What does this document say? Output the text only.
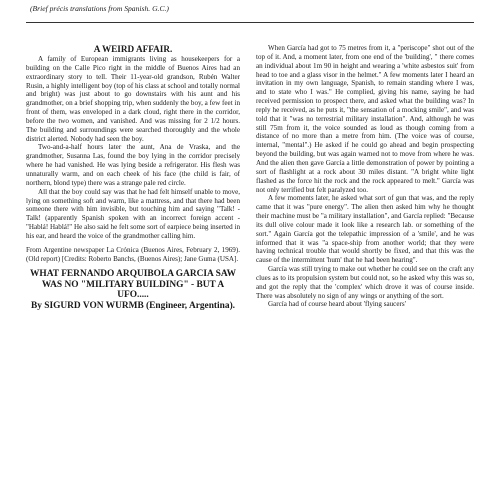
(Brief précis translations from Spanish. G.C.)
A WEIRD AFFAIR.

A family of European immigrants living as housekeepers for a building on the Calle Pico right in the middle of Buenos Aires had an extraordinary story to tell. Their 11-year-old grandson, Rubén Walter Rusin, a highly intelligent boy (top of his class at school and totally normal and bright) was just about to go downstairs with his aunt and his grandmother, on a brief shopping trip, when suddenly the boy, a few feet in front of them, was enveloped in a dark cloud, right there in the corridor, before the two women, and vanished. And was missing for 2 1/2 hours. The building and surroundings were searched thoroughly and the whole district alerted. Nobody had seen the boy.

Two-and-a-half hours later the aunt, Ana de Vraska, and the grandmother, Susanna Las, found the boy lying in the corridor precisely where he had vanished. He was lying beside a refrigerator. His flesh was unnaturally warm, and on each cheek of his face (the child is fair, of northern, blond type) there was a strange pale red circle.

All that the boy could say was that he had felt himself unable to move, lying on something soft and warm, like a mattress, and that there had been someone there with him invisible, but touching him and saying "Talk! - Talk! (apparently Spanish spoken with an incorrect foreign accent - "Hablá! Hablá!" He also said he felt some sort of earpiece being inserted in his ear, and heard the voice of the grandmother calling him.

From Argentine newspaper La Crónica (Buenos Aires, February 2, 1969). (Old report) [Credits: Roberto Banchs, (Buenos Aires); Jane Guma (USA].

WHAT FERNANDO ARQUIBOLA GARCIA SAW WAS NO "MILITARY BUILDING" - BUT A UFO.....
By SIGURD VON WURMB (Engineer, Argentina).

When García had got to 75 metres from it, a "periscope" shot out of the top of it. And, a moment later, from one end of the 'building', " there comes an individual about 1m 90 in height and wearing a 'white asbestos suit' from head to toe and a glass visor in the helmet." A few moments later I heard an invitation in my own language, Spanish, to remain standing where I was, and to state who I was." He complied, giving his name, saying he had received permission to prospect there, and asked what the building was? In reply he received, as he puts it, "the sensation of a mocking smile", and was told that it "was no terrestrial military installation". And, although he was still 75m from it, the voice sounded as loud as though coming from a distance of no more than a metre from him. (The voice was of course, internal, "mental".) He asked if he could go ahead and begin prospecting beyond the building, but was again warned not to move from where he was. And the alien then gave García a little demonstration of power by pointing a sort of flashlight at a rock about 30 miles distant. "A bright white light flashed as the force hit the rock and the rock appeared to melt." García was not only terrified but felt paralyzed too.

A few moments later, he asked what sort of gun that was, and the reply came that it was "pure energy". The alien then asked him why he thought their machine must be "a military installation", and García replied: "Because its dull olive colour made it look like a research lab. or something of the sort." Again García got the telepathic impression of a 'smile', and he was informed that it was "a space-ship from another world; that they were having technical trouble that would shortly be fixed, and that this was the cause of the intermittent 'hum' that he had been hearing".

García was still trying to make out whether he could see on the craft any clues as to its propulsion system but could not, so he asked why this was so, and got the reply that the 'complex' which drove it was of course inside. There was absolutely no sign of any wings or anything of the sort.

García had of course heard about 'flying saucers'
